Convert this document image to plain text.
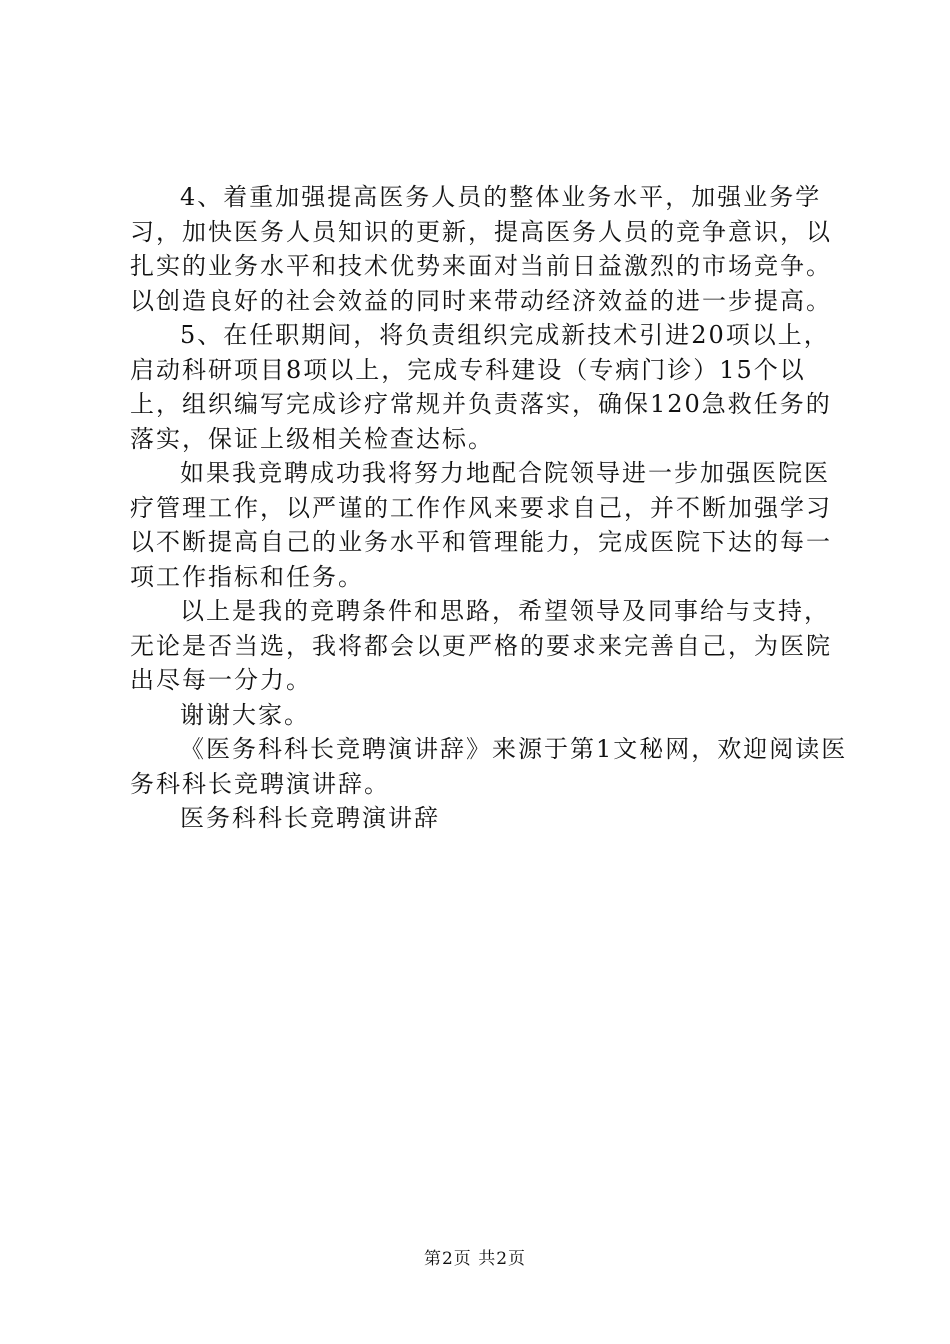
4、着重加强提高医务人员的整体业务水平，加强业务学习，加快医务人员知识的更新，提高医务人员的竞争意识，以扎实的业务水平和技术优势来面对当前日益激烈的市场竞争。以创造良好的社会效益的同时来带动经济效益的进一步提高。

5、在任职期间，将负责组织完成新技术引进20项以上，启动科研项目8项以上，完成专科建设（专病门诊）15个以上，组织编写完成诊疗常规并负责落实，确保120急救任务的落实，保证上级相关检查达标。

如果我竞聘成功我将努力地配合院领导进一步加强医院医疗管理工作，以严谨的工作作风来要求自己，并不断加强学习以不断提高自己的业务水平和管理能力，完成医院下达的每一项工作指标和任务。

以上是我的竞聘条件和思路，希望领导及同事给与支持，无论是否当选，我将都会以更严格的要求来完善自己，为医院出尽每一分力。

谢谢大家。

《医务科科长竞聘演讲辞》来源于第1文秘网，欢迎阅读医务科科长竞聘演讲辞。

医务科科长竞聘演讲辞

第2页 共2页
